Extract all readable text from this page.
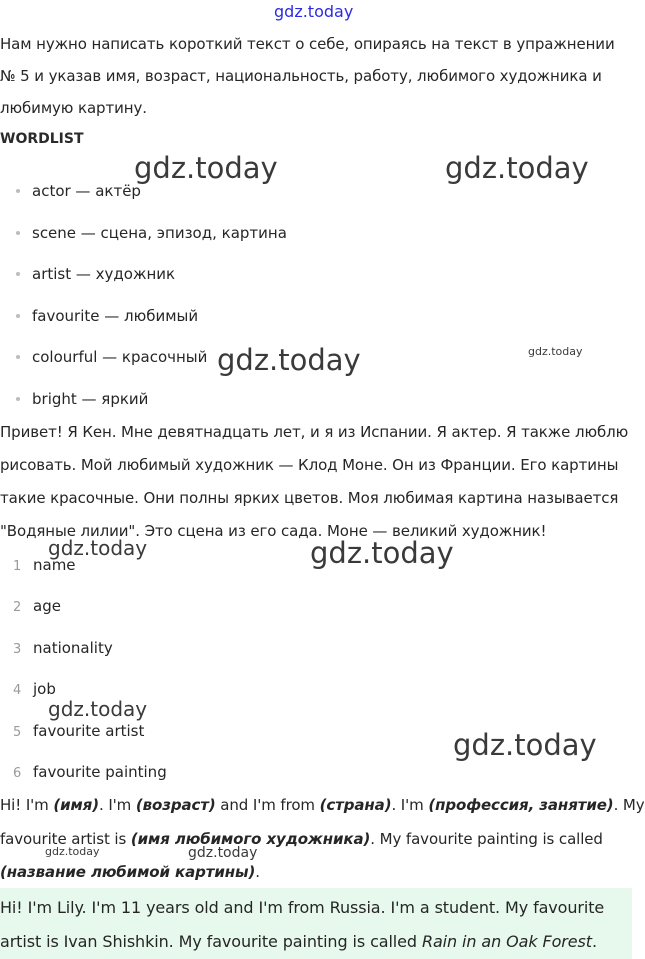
gdz.today

Нам нужно написать короткий текст о себе, опираясь на текст в упражнении

№ 5 и указав имя, возраст, национальность, работу, любимого художника и

любимую картину.

WORDLIST
actor — актёр
scene — сцена, эпизод, картина
artist — художник
favourite — любимый
colourful — красочный
bright — яркий

Привет! Я Кен. Мне девятнадцать лет, и я из Испании. Я актер. Я также люблю

рисовать. Мой любимый художник — Клод Моне. Он из Франции. Его картины

такие красочные. Они полны ярких цветов. Моя любимая картина называется

"Водяные лилии". Это сцена из его сада. Моне — великий художник!

1 name
2 age
3 nationality
4 job
5 favourite artist
6 favourite painting

Hi! I'm (имя). I'm (возраст) and I'm from (страна). I'm (профессия, занятие). My

favourite artist is (имя любимого художника). My favourite painting is called

(название любимой картины).

Hi! I'm Lily. I'm 11 years old and I'm from Russia. I'm a student. My favourite

artist is Ivan Shishkin. My favourite painting is called Rain in an Oak Forest.

gdz.today	gdz.today
gdz.today	gdz.today
gdz.today	gdz.today
gdz.today
gdz.today
gdz.today	gdz.today
